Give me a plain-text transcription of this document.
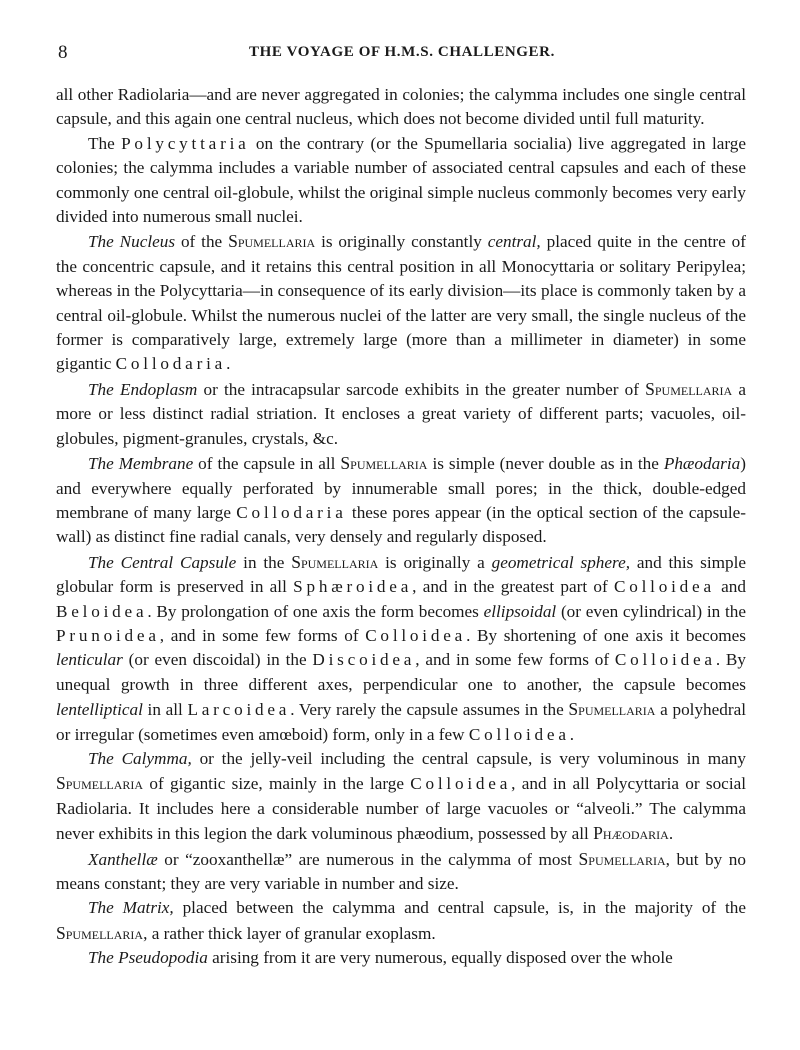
8	THE VOYAGE OF H.M.S. CHALLENGER.

all other Radiolaria—and are never aggregated in colonies; the calymma includes one single central capsule, and this again one central nucleus, which does not become divided until full maturity.

The Polycyttaria on the contrary (or the Spumellaria socialia) live aggregated in large colonies; the calymma includes a variable number of associated central capsules and each of these commonly one central oil-globule, whilst the original simple nucleus commonly becomes very early divided into numerous small nuclei.

The Nucleus of the Spumellaria is originally constantly central, placed quite in the centre of the concentric capsule, and it retains this central position in all Monocyttaria or solitary Peripylea; whereas in the Polycyttaria—in consequence of its early division—its place is commonly taken by a central oil-globule. Whilst the numerous nuclei of the latter are very small, the single nucleus of the former is comparatively large, extremely large (more than a millimeter in diameter) in some gigantic Collodaria.

The Endoplasm or the intracapsular sarcode exhibits in the greater number of Spumellaria a more or less distinct radial striation. It encloses a great variety of different parts; vacuoles, oil-globules, pigment-granules, crystals, &c.

The Membrane of the capsule in all Spumellaria is simple (never double as in the Phæodaria) and everywhere equally perforated by innumerable small pores; in the thick, double-edged membrane of many large Collodaria these pores appear (in the optical section of the capsule-wall) as distinct fine radial canals, very densely and regularly disposed.

The Central Capsule in the Spumellaria is originally a geometrical sphere, and this simple globular form is preserved in all Sphæroidea, and in the greatest part of Colloidea and Beloidea. By prolongation of one axis the form becomes ellipsoidal (or even cylindrical) in the Prunoidea, and in some few forms of Colloidea. By shortening of one axis it becomes lenticular (or even discoidal) in the Discoidea, and in some few forms of Colloidea. By unequal growth in three different axes, perpendicular one to another, the capsule becomes lentelliptical in all Larcoidea. Very rarely the capsule assumes in the Spumellaria a polyhedral or irregular (sometimes even amœboid) form, only in a few Colloidea.

The Calymma, or the jelly-veil including the central capsule, is very voluminous in many Spumellaria of gigantic size, mainly in the large Colloidea, and in all Polycyttaria or social Radiolaria. It includes here a considerable number of large vacuoles or “alveoli.” The calymma never exhibits in this legion the dark voluminous phæodium, possessed by all Phæodaria.

Xanthellæ or “zooxanthellæ” are numerous in the calymma of most Spumellaria, but by no means constant; they are very variable in number and size.

The Matrix, placed between the calymma and central capsule, is, in the majority of the Spumellaria, a rather thick layer of granular exoplasm.

The Pseudopodia arising from it are very numerous, equally disposed over the whole
